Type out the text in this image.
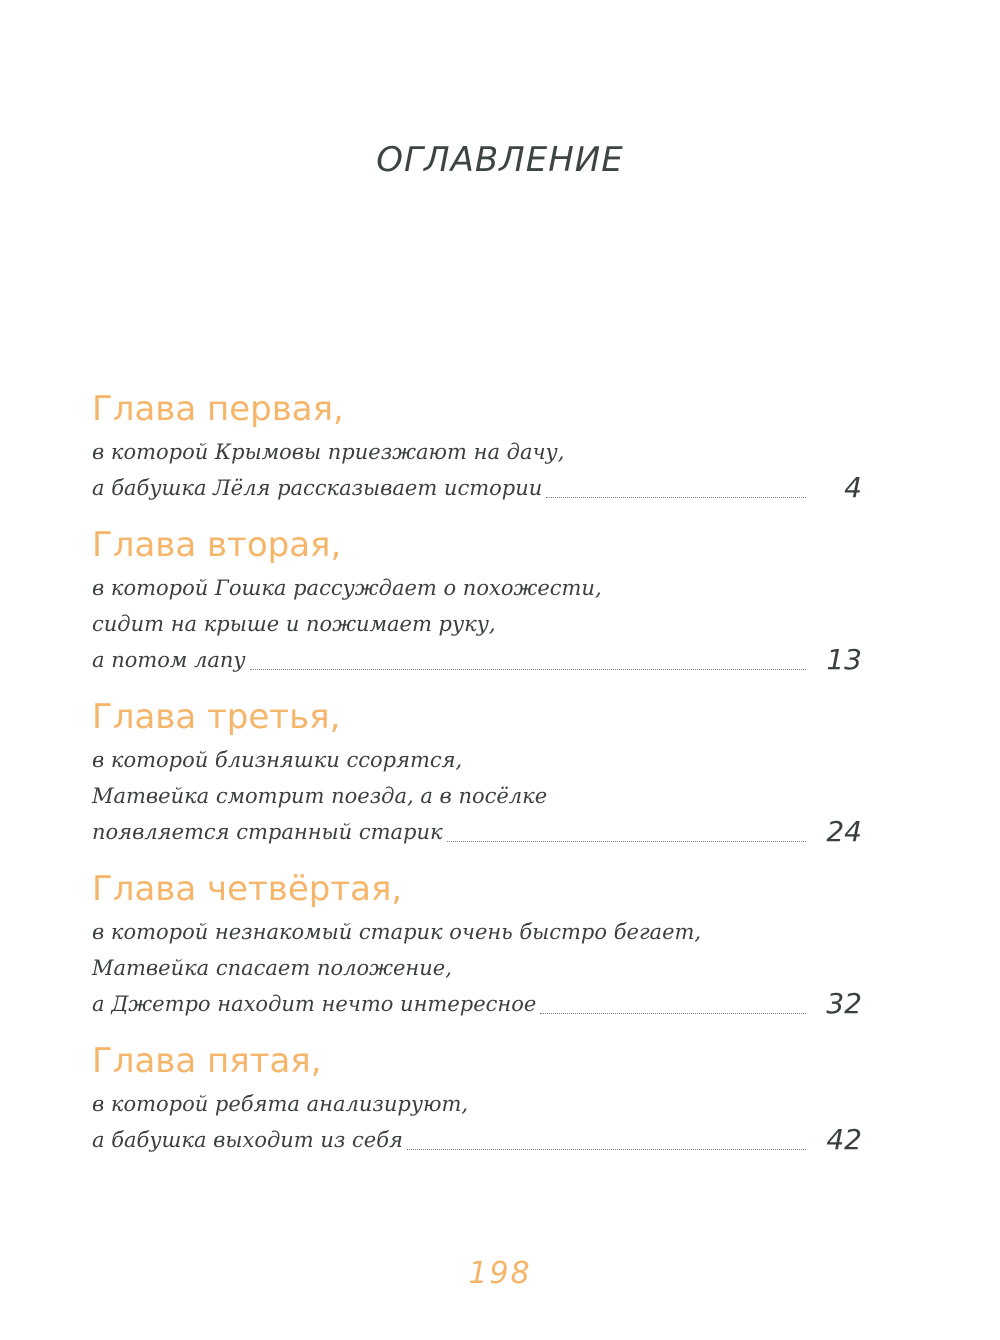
ОГЛАВЛЕНИЕ
Глава первая,
в которой Крымовы приезжают на дачу,
а бабушка Лёля рассказывает истории	4
Глава вторая,
в которой Гошка рассуждает о похожести,
сидит на крыше и пожимает руку,
а потом лапу	13
Глава третья,
в которой близняшки ссорятся,
Матвейка смотрит поезда, а в посёлке
появляется странный старик	24
Глава четвёртая,
в которой незнакомый старик очень быстро бегает,
Матвейка спасает положение,
а Джетро находит нечто интересное	32
Глава пятая,
в которой ребята анализируют,
а бабушка выходит из себя	42
198
